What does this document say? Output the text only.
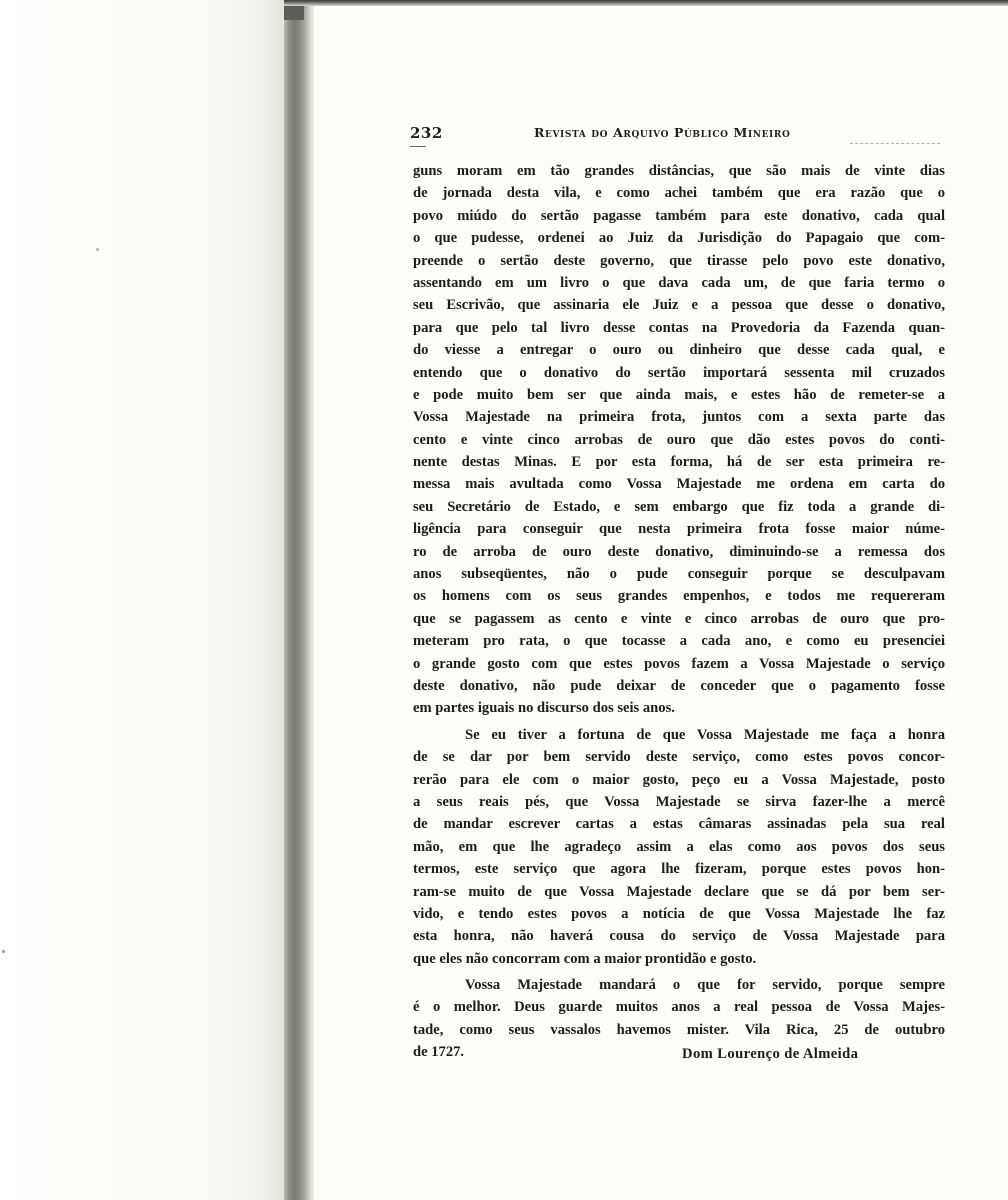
232	Revista do Arquivo Público Mineiro
guns moram em tão grandes distâncias, que são mais de vinte dias
de jornada desta vila, e como achei também que era razão que o
povo miúdo do sertão pagasse também para este donativo, cada qual
o que pudesse, ordenei ao Juiz da Jurisdição do Papagaio que com-
preende o sertão deste governo, que tirasse pelo povo este donativo,
assentando em um livro o que dava cada um, de que faria termo o
seu Escrivão, que assinaria ele Juiz e a pessoa que desse o donativo,
para que pelo tal livro desse contas na Provedoria da Fazenda quan-
do viesse a entregar o ouro ou dinheiro que desse cada qual, e
entendo que o donativo do sertão importará sessenta mil cruzados
e pode muito bem ser que ainda mais, e estes hão de remeter-se a
Vossa Majestade na primeira frota, juntos com a sexta parte das
cento e vinte cinco arrobas de ouro que dão estes povos do conti-
nente destas Minas. E por esta forma, há de ser esta primeira re-
messa mais avultada como Vossa Majestade me ordena em carta do
seu Secretário de Estado, e sem embargo que fiz toda a grande di-
ligência para conseguir que nesta primeira frota fosse maior núme-
ro de arroba de ouro deste donativo, diminuindo-se a remessa dos
anos subseqüentes, não o pude conseguir porque se desculpavam
os homens com os seus grandes empenhos, e todos me requereram
que se pagassem as cento e vinte e cinco arrobas de ouro que pro-
meteram pro rata, o que tocasse a cada ano, e como eu presenciei
o grande gosto com que estes povos fazem a Vossa Majestade o serviço
deste donativo, não pude deixar de conceder que o pagamento fosse
em partes iguais no discurso dos seis anos.
Se eu tiver a fortuna de que Vossa Majestade me faça a honra
de se dar por bem servido deste serviço, como estes povos concor-
rerão para ele com o maior gosto, peço eu a Vossa Majestade, posto
a seus reais pés, que Vossa Majestade se sirva fazer-lhe a mercê
de mandar escrever cartas a estas câmaras assinadas pela sua real
mão, em que lhe agradeço assim a elas como aos povos dos seus
termos, este serviço que agora lhe fizeram, porque estes povos hon-
ram-se muito de que Vossa Majestade declare que se dá por bem ser-
vido, e tendo estes povos a notícia de que Vossa Majestade lhe faz
esta honra, não haverá cousa do serviço de Vossa Majestade para
que eles não concorram com a maior prontidão e gosto.
Vossa Majestade mandará o que for servido, porque sempre
é o melhor. Deus guarde muitos anos a real pessoa de Vossa Majes-
tade, como seus vassalos havemos mister. Vila Rica, 25 de outubro
de 1727.	Dom Lourenço de Almeida
